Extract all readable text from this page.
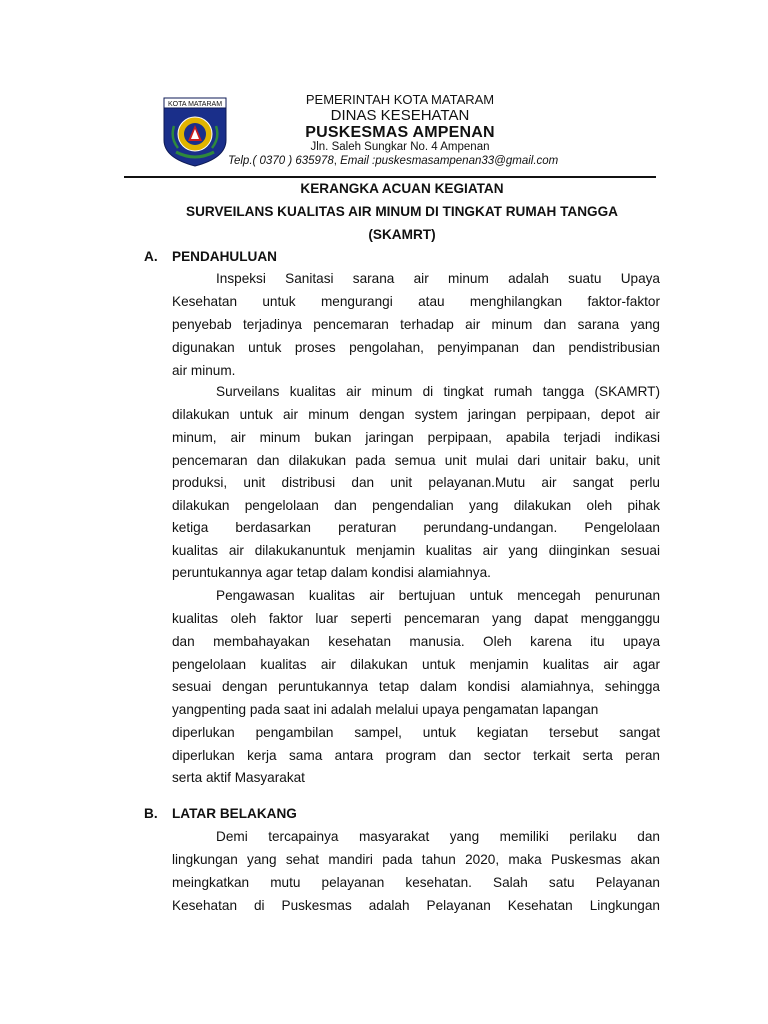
KOTA MATARAM	PEMERINTAH KOTA MATARAM
DINAS KESEHATAN
PUSKESMAS AMPENAN
Jln. Saleh Sungkar No. 4 Ampenan
Telp.( 0370 ) 635978, Email :puskesmasampenan33@gmail.com
KERANGKA ACUAN KEGIATAN
SURVEILANS KUALITAS AIR MINUM DI TINGKAT RUMAH TANGGA
(SKAMRT)
A. PENDAHULUAN
Inspeksi Sanitasi sarana air minum adalah suatu Upaya
Kesehatan untuk mengurangi atau menghilangkan faktor-faktor
penyebab terjadinya pencemaran terhadap air minum dan sarana yang
digunakan untuk proses pengolahan, penyimpanan dan pendistribusian
air minum.
Surveilans kualitas air minum di tingkat rumah tangga (SKAMRT)
dilakukan untuk air minum dengan system jaringan perpipaan, depot air
minum, air minum bukan jaringan perpipaan, apabila terjadi indikasi
pencemaran dan dilakukan pada semua unit mulai dari unitair baku, unit
produksi, unit distribusi dan unit pelayanan.Mutu air sangat perlu
dilakukan pengelolaan dan pengendalian yang dilakukan oleh pihak
ketiga berdasarkan peraturan perundang-undangan. Pengelolaan
kualitas air dilakukanuntuk menjamin kualitas air yang diinginkan sesuai
peruntukannya agar tetap dalam kondisi alamiahnya.
Pengawasan kualitas air bertujuan untuk mencegah penurunan
kualitas oleh faktor luar seperti pencemaran yang dapat mengganggu
dan membahayakan kesehatan manusia. Oleh karena itu upaya
pengelolaan kualitas air dilakukan untuk menjamin kualitas air agar
sesuai dengan peruntukannya tetap dalam kondisi alamiahnya, sehingga
yangpenting pada saat ini adalah melalui upaya pengamatan lapangan
diperlukan pengambilan sampel, untuk kegiatan tersebut sangat
diperlukan kerja sama antara program dan sector terkait serta peran
serta aktif Masyarakat
B. LATAR BELAKANG
Demi tercapainya masyarakat yang memiliki perilaku dan
lingkungan yang sehat mandiri pada tahun 2020, maka Puskesmas akan
meingkatkan mutu pelayanan kesehatan. Salah satu Pelayanan
Kesehatan di Puskesmas adalah Pelayanan Kesehatan Lingkungan
